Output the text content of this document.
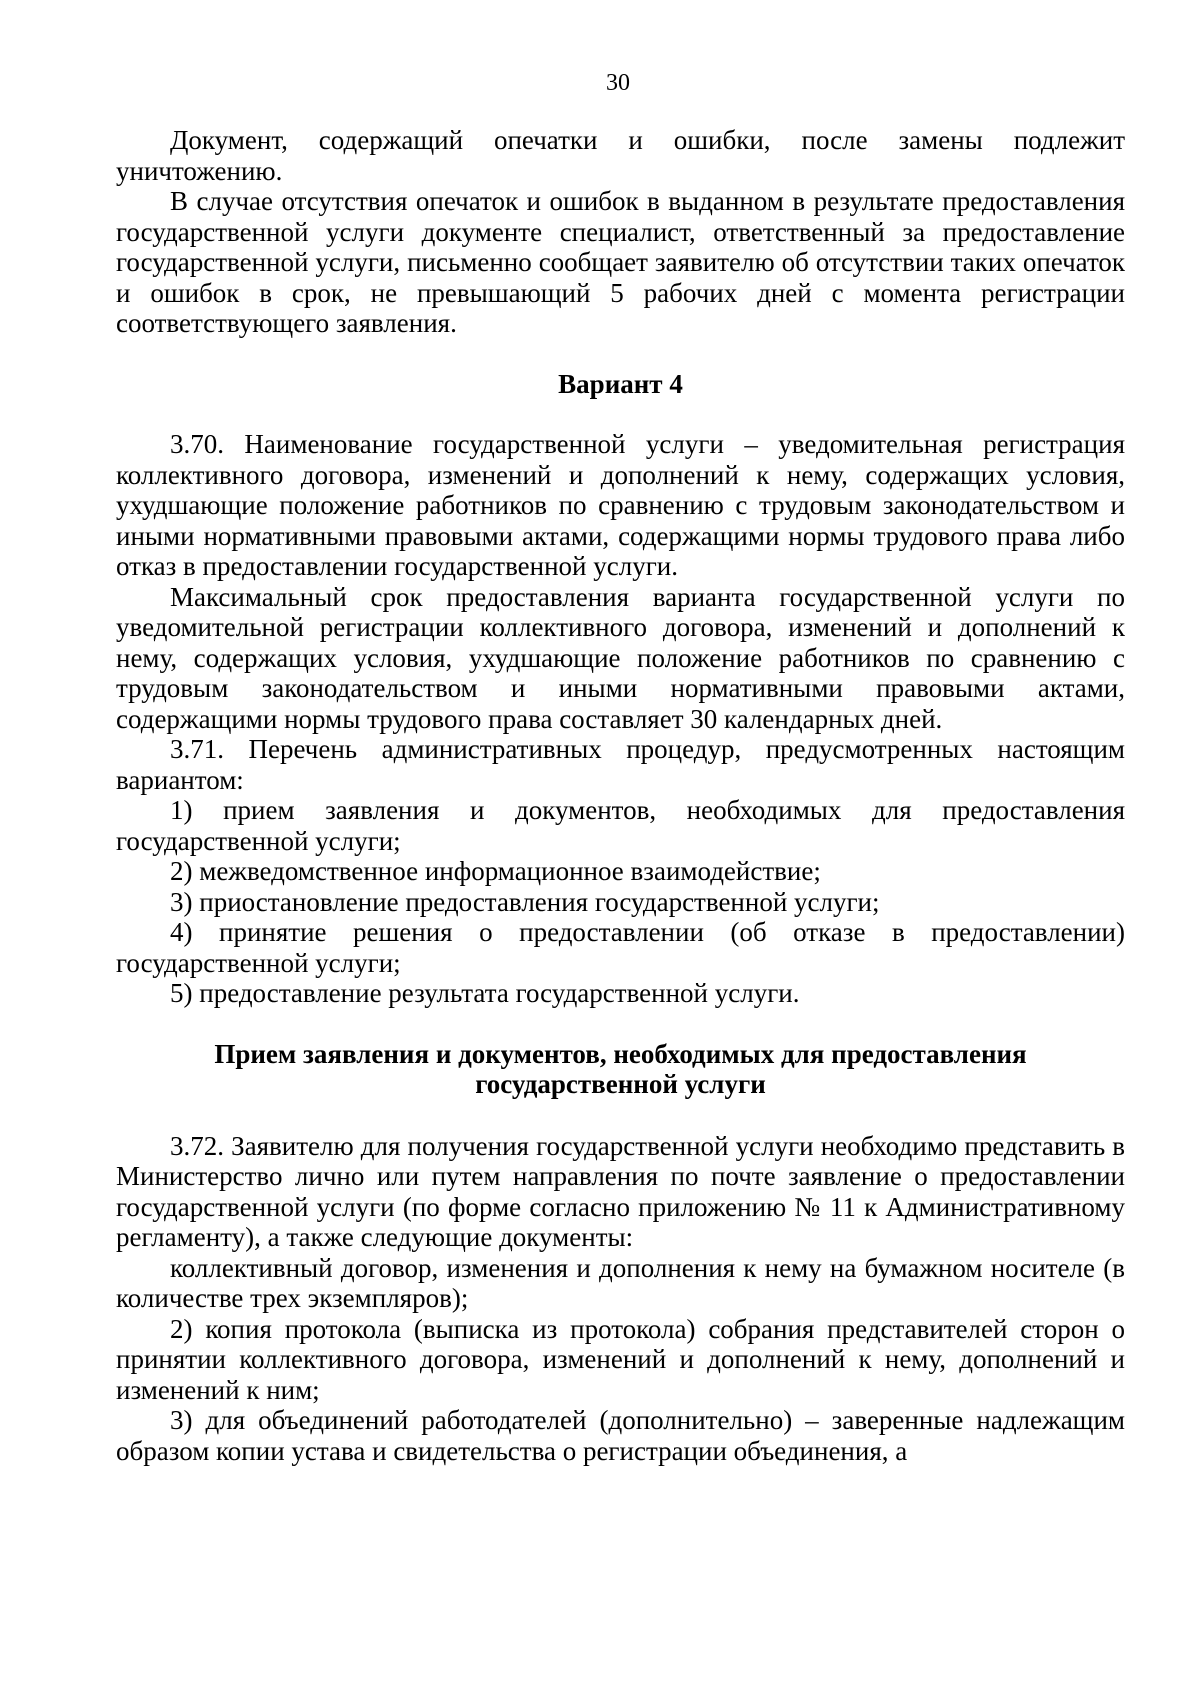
30

Документ, содержащий опечатки и ошибки, после замены подлежит уничтожению.

В случае отсутствия опечаток и ошибок в выданном в результате предоставления государственной услуги документе специалист, ответственный за предоставление государственной услуги, письменно сообщает заявителю об отсутствии таких опечаток и ошибок в срок, не превышающий 5 рабочих дней с момента регистрации соответствующего заявления.

Вариант 4

3.70. Наименование государственной услуги – уведомительная регистрация коллективного договора, изменений и дополнений к нему, содержащих условия, ухудшающие положение работников по сравнению с трудовым законодательством и иными нормативными правовыми актами, содержащими нормы трудового права либо отказ в предоставлении государственной услуги.

Максимальный срок предоставления варианта государственной услуги по уведомительной регистрации коллективного договора, изменений и дополнений к нему, содержащих условия, ухудшающие положение работников по сравнению с трудовым законодательством и иными нормативными правовыми актами, содержащими нормы трудового права составляет 30 календарных дней.

3.71. Перечень административных процедур, предусмотренных настоящим вариантом:

1) прием заявления и документов, необходимых для предоставления государственной услуги;

2) межведомственное информационное взаимодействие;

3) приостановление предоставления государственной услуги;

4) принятие решения о предоставлении (об отказе в предоставлении) государственной услуги;

5) предоставление результата государственной услуги.

Прием заявления и документов, необходимых для предоставления государственной услуги

3.72. Заявителю для получения государственной услуги необходимо представить в Министерство лично или путем направления по почте заявление о предоставлении государственной услуги (по форме согласно приложению № 11 к Административному регламенту), а также следующие документы:

коллективный договор, изменения и дополнения к нему на бумажном носителе (в количестве трех экземпляров);

2) копия протокола (выписка из протокола) собрания представителей сторон о принятии коллективного договора, изменений и дополнений к нему, дополнений и изменений к ним;

3) для объединений работодателей (дополнительно) – заверенные надлежащим образом копии устава и свидетельства о регистрации объединения, а
